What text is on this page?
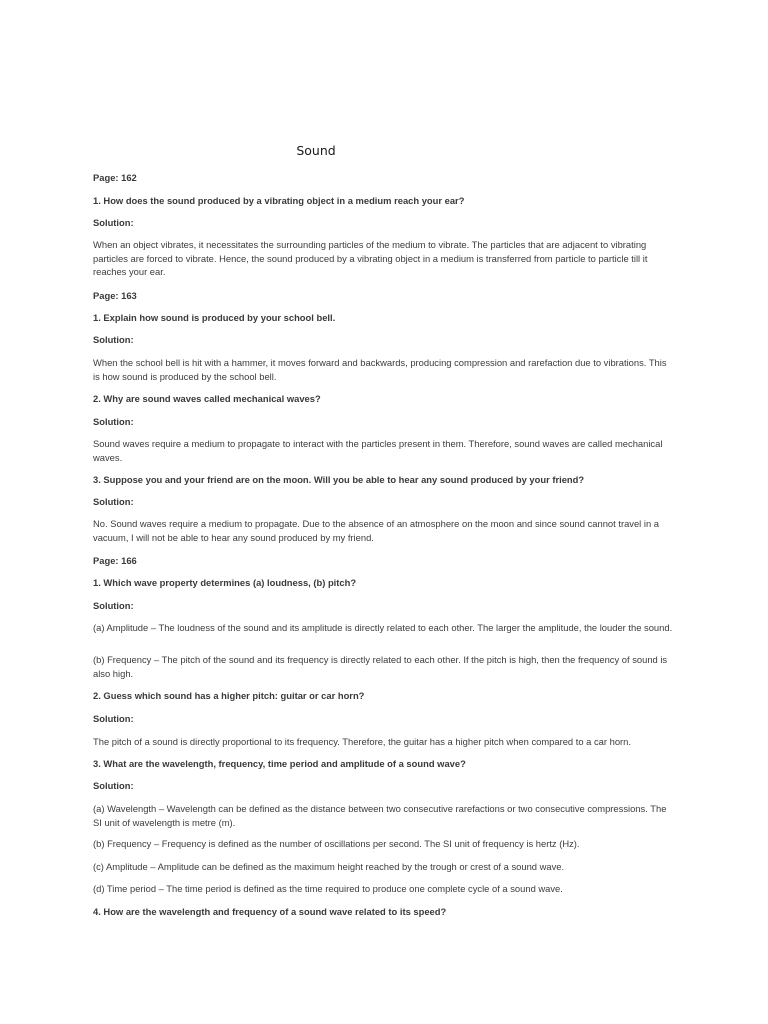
Sound

Page: 162

1. How does the sound produced by a vibrating object in a medium reach your ear?

Solution:

When an object vibrates, it necessitates the surrounding particles of the medium to vibrate. The particles that are adjacent to vibrating particles are forced to vibrate. Hence, the sound produced by a vibrating object in a medium is transferred from particle to particle till it reaches your ear.

Page: 163

1. Explain how sound is produced by your school bell.

Solution:

When the school bell is hit with a hammer, it moves forward and backwards, producing compression and rarefaction due to vibrations. This is how sound is produced by the school bell.

2. Why are sound waves called mechanical waves?

Solution:

Sound waves require a medium to propagate to interact with the particles present in them. Therefore, sound waves are called mechanical waves.

3. Suppose you and your friend are on the moon. Will you be able to hear any sound produced by your friend?

Solution:

No. Sound waves require a medium to propagate. Due to the absence of an atmosphere on the moon and since sound cannot travel in a vacuum, I will not be able to hear any sound produced by my friend.

Page: 166

1. Which wave property determines (a) loudness, (b) pitch?

Solution:

(a) Amplitude – The loudness of the sound and its amplitude is directly related to each other. The larger the amplitude, the louder the sound.

(b) Frequency – The pitch of the sound and its frequency is directly related to each other. If the pitch is high, then the frequency of sound is also high.

2. Guess which sound has a higher pitch: guitar or car horn?

Solution:

The pitch of a sound is directly proportional to its frequency. Therefore, the guitar has a higher pitch when compared to a car horn.

3. What are the wavelength, frequency, time period and amplitude of a sound wave?

Solution:

(a) Wavelength – Wavelength can be defined as the distance between two consecutive rarefactions or two consecutive compressions. The SI unit of wavelength is metre (m).

(b) Frequency – Frequency is defined as the number of oscillations per second. The SI unit of frequency is hertz (Hz).

(c) Amplitude – Amplitude can be defined as the maximum height reached by the trough or crest of a sound wave.

(d) Time period – The time period is defined as the time required to produce one complete cycle of a sound wave.

4. How are the wavelength and frequency of a sound wave related to its speed?
